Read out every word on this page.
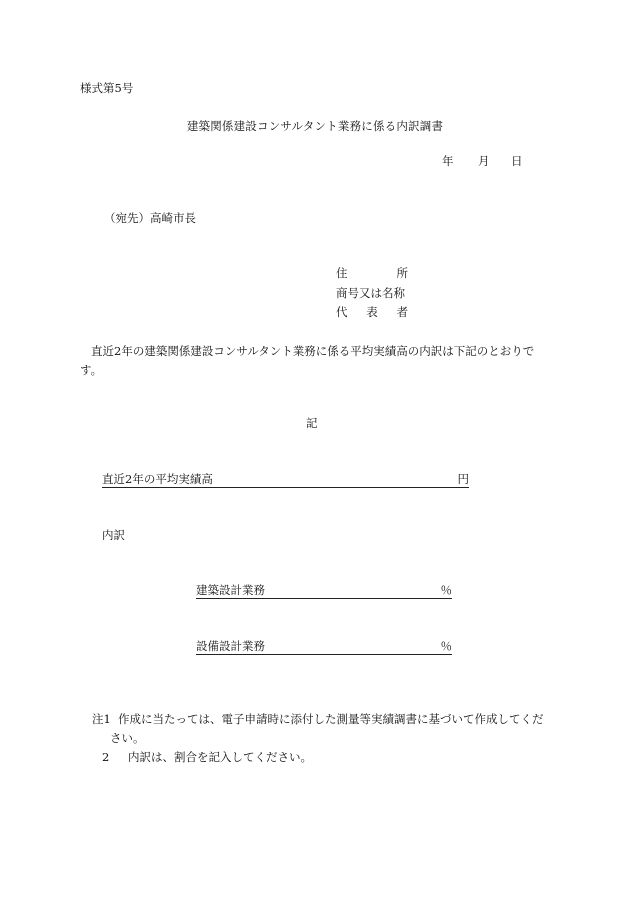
様式第5号
建築関係建設コンサルタント業務に係る内訳調書
年 月 日
（宛先）高崎市長
住	所
商号又は名称
代 表 者
直近2年の建築関係建設コンサルタント業務に係る平均実績高の内訳は下記のとおりです。
記
直近2年の平均実績高	円
内訳
建築設計業務	％
設備設計業務	％
注1 作成に当たっては、電子申請時に添付した測量等実績調書に基づいて作成してくだ
さい。
2 内訳は、割合を記入してください。
